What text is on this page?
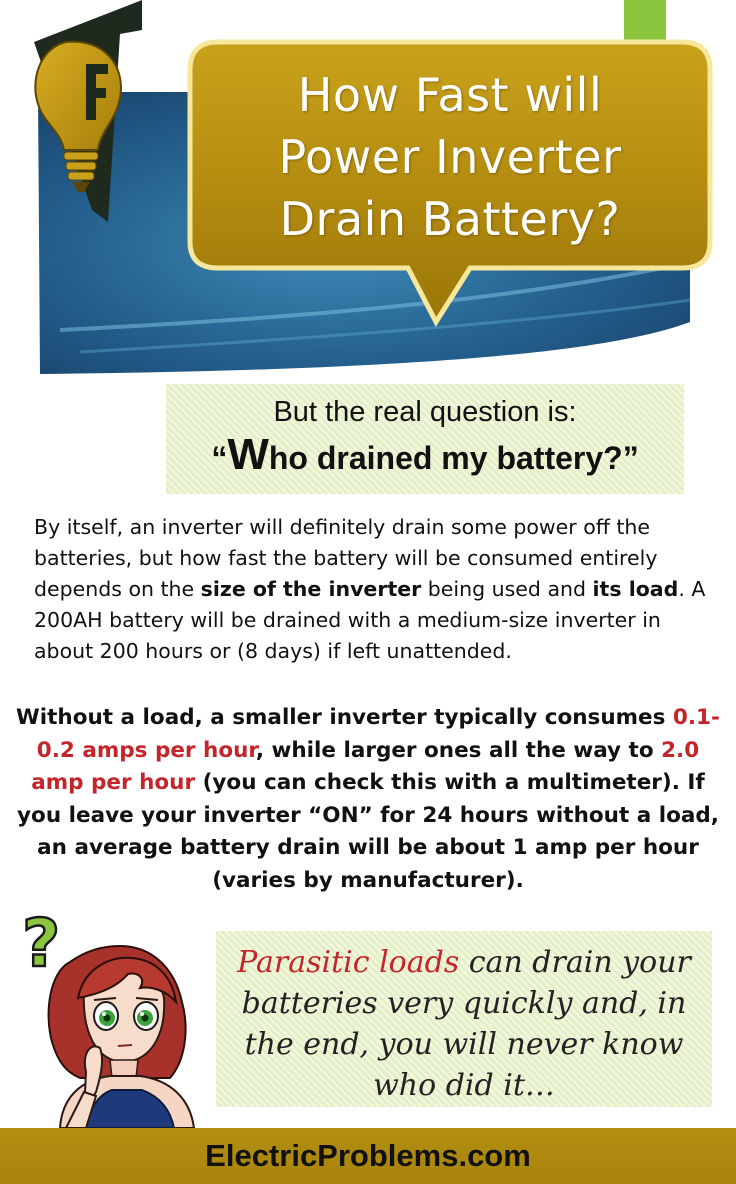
How Fast will
Power Inverter
Drain Battery?
But the real question is:
“Who drained my battery?”
By itself, an inverter will definitely drain some power off the batteries, but how fast the battery will be consumed entirely depends on the size of the inverter being used and its load. A 200AH battery will be drained with a medium-size inverter in about 200 hours or (8 days) if left unattended.
Without a load, a smaller inverter typically consumes 0.1-0.2 amps per hour, while larger ones all the way to 2.0 amp per hour (you can check this with a multimeter). If you leave your inverter “ON” for 24 hours without a load, an average battery drain will be about 1 amp per hour (varies by manufacturer).
?	Parasitic loads can drain your batteries very quickly and, in the end, you will never know who did it…
ElectricProblems.com
